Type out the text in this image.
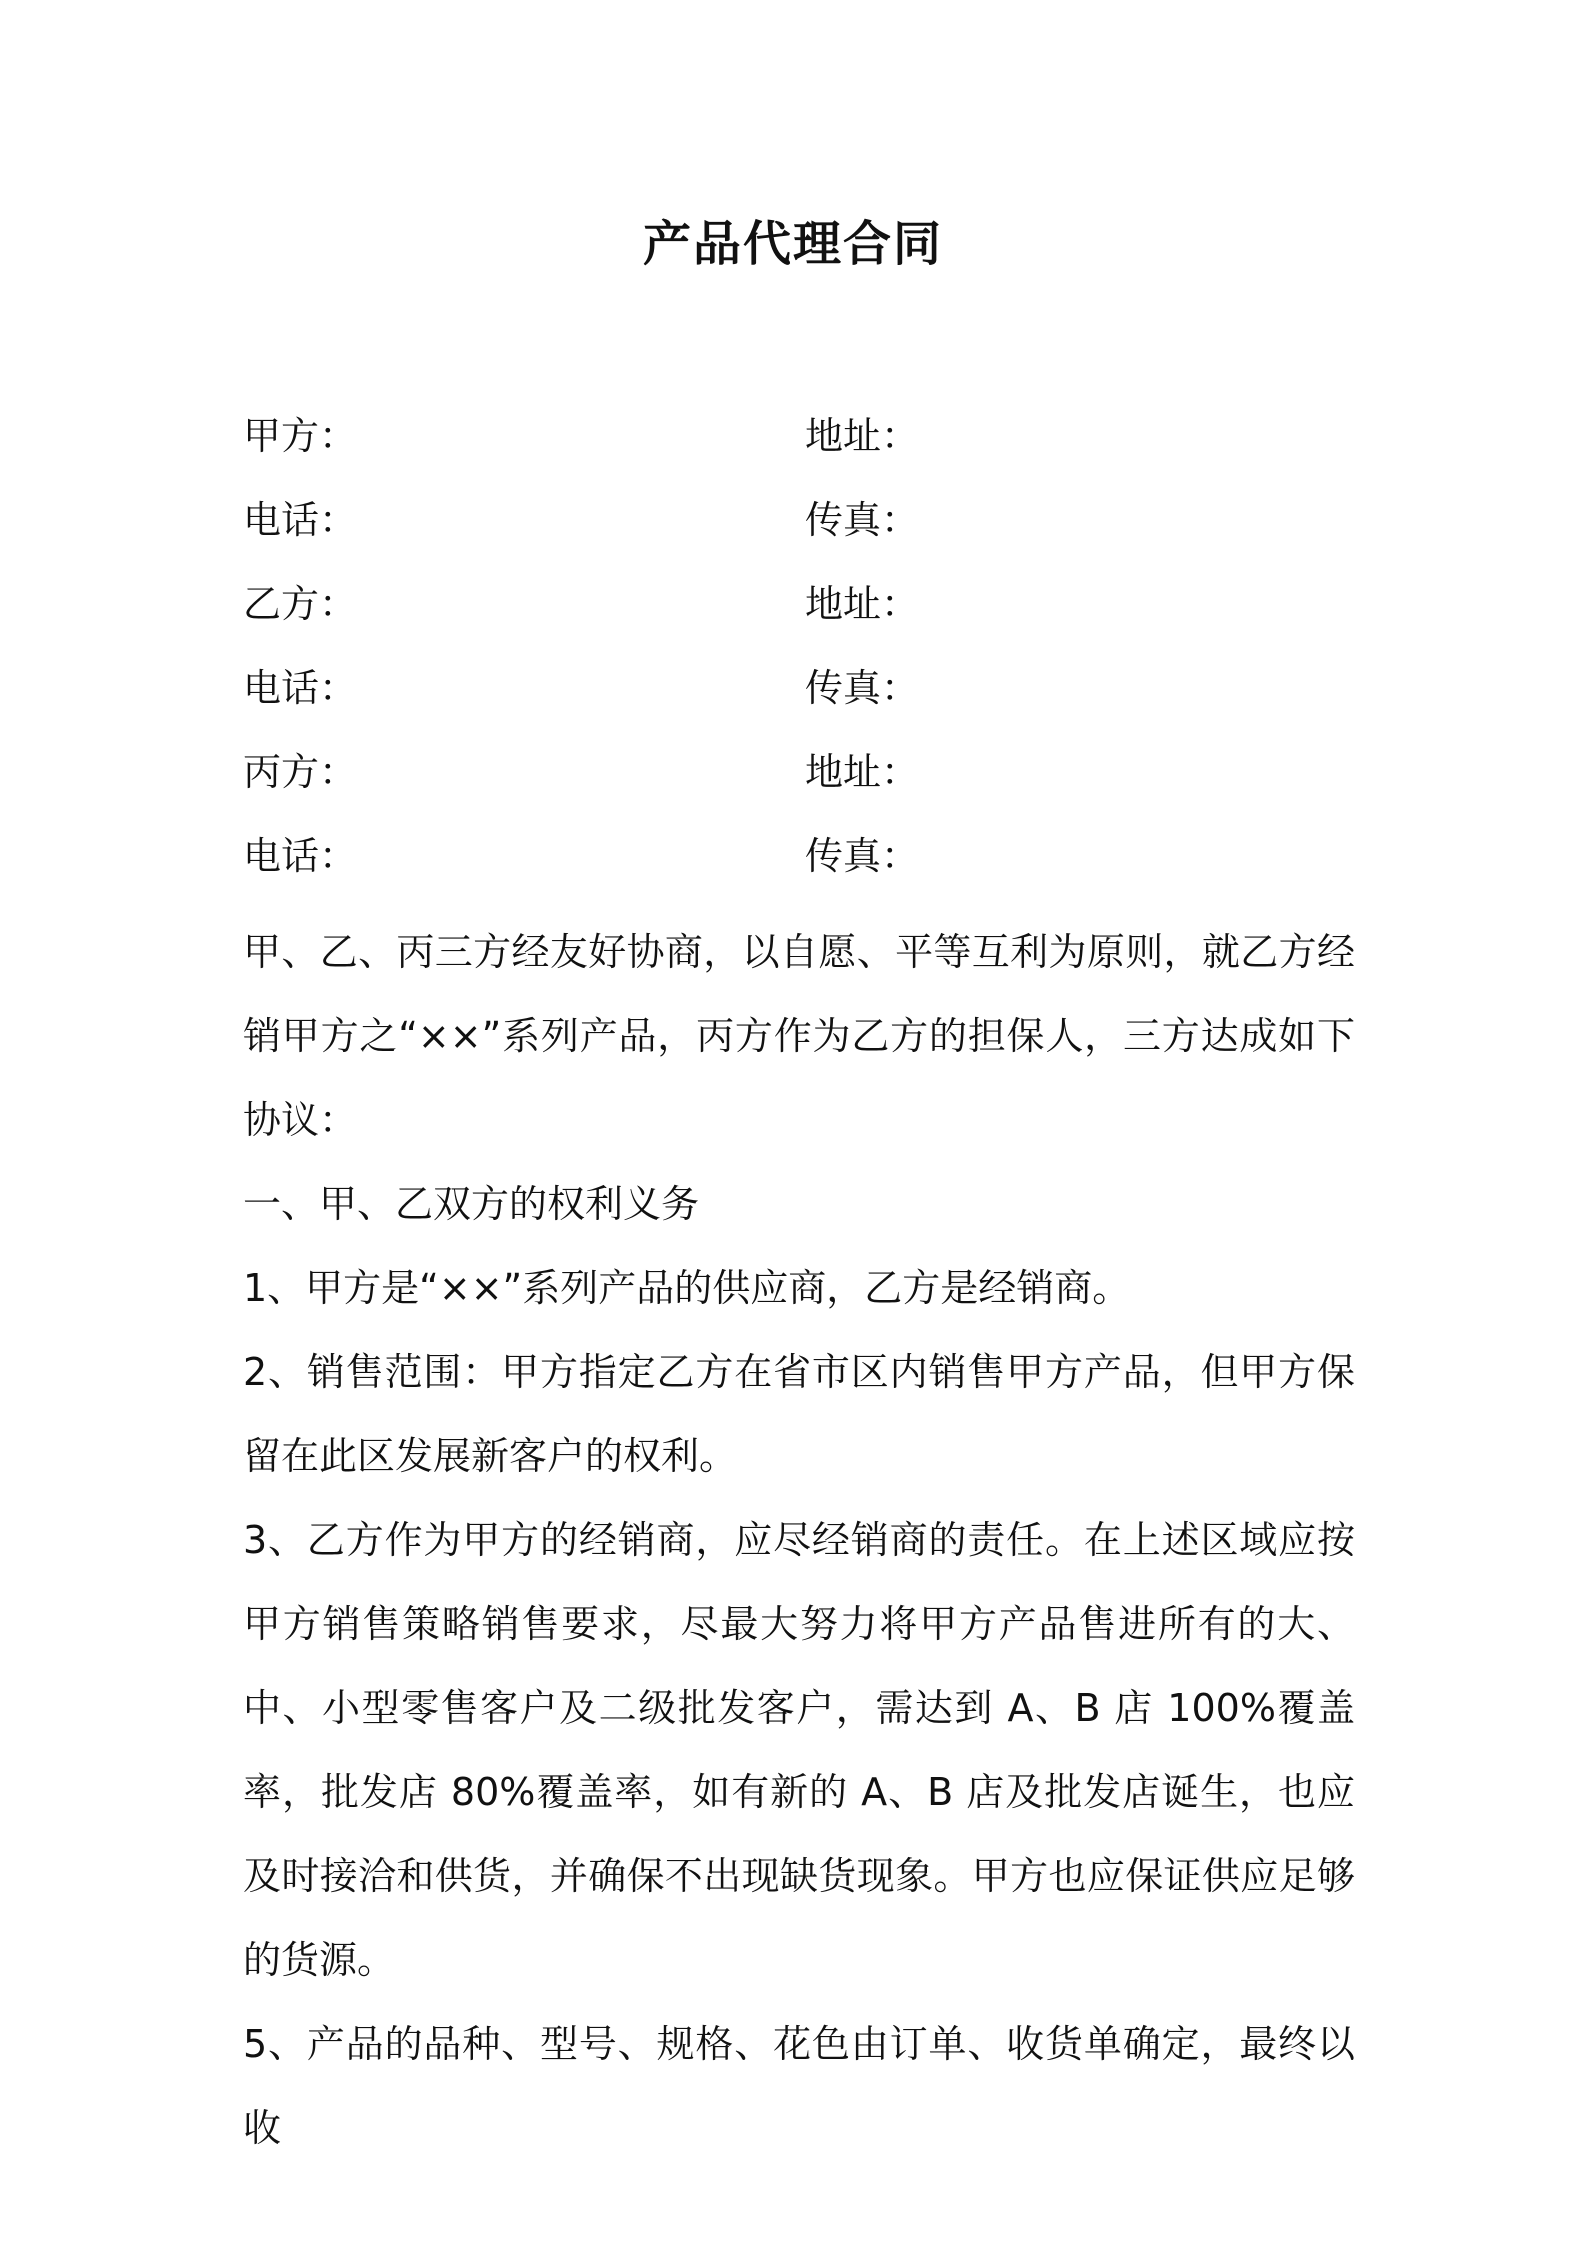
产品代理合同
甲方：	地址：
电话：	传真：
乙方：	地址：
电话：	传真：
丙方：	地址：
电话：	传真：

甲、乙、丙三方经友好协商，以自愿、平等互利为原则，就乙方经销甲方之“××”系列产品，丙方作为乙方的担保人，三方达成如下协议：

一、甲、乙双方的权利义务

1、甲方是“××”系列产品的供应商，乙方是经销商。

2、销售范围：甲方指定乙方在省市区内销售甲方产品，但甲方保留在此区发展新客户的权利。

3、乙方作为甲方的经销商，应尽经销商的责任。在上述区域应按甲方销售策略销售要求，尽最大努力将甲方产品售进所有的大、中、小型零售客户及二级批发客户，需达到 A、B 店 100%覆盖率，批发店 80%覆盖率，如有新的 A、B 店及批发店诞生，也应及时接洽和供货，并确保不出现缺货现象。甲方也应保证供应足够的货源。

5、产品的品种、型号、规格、花色由订单、收货单确定，最终以收
